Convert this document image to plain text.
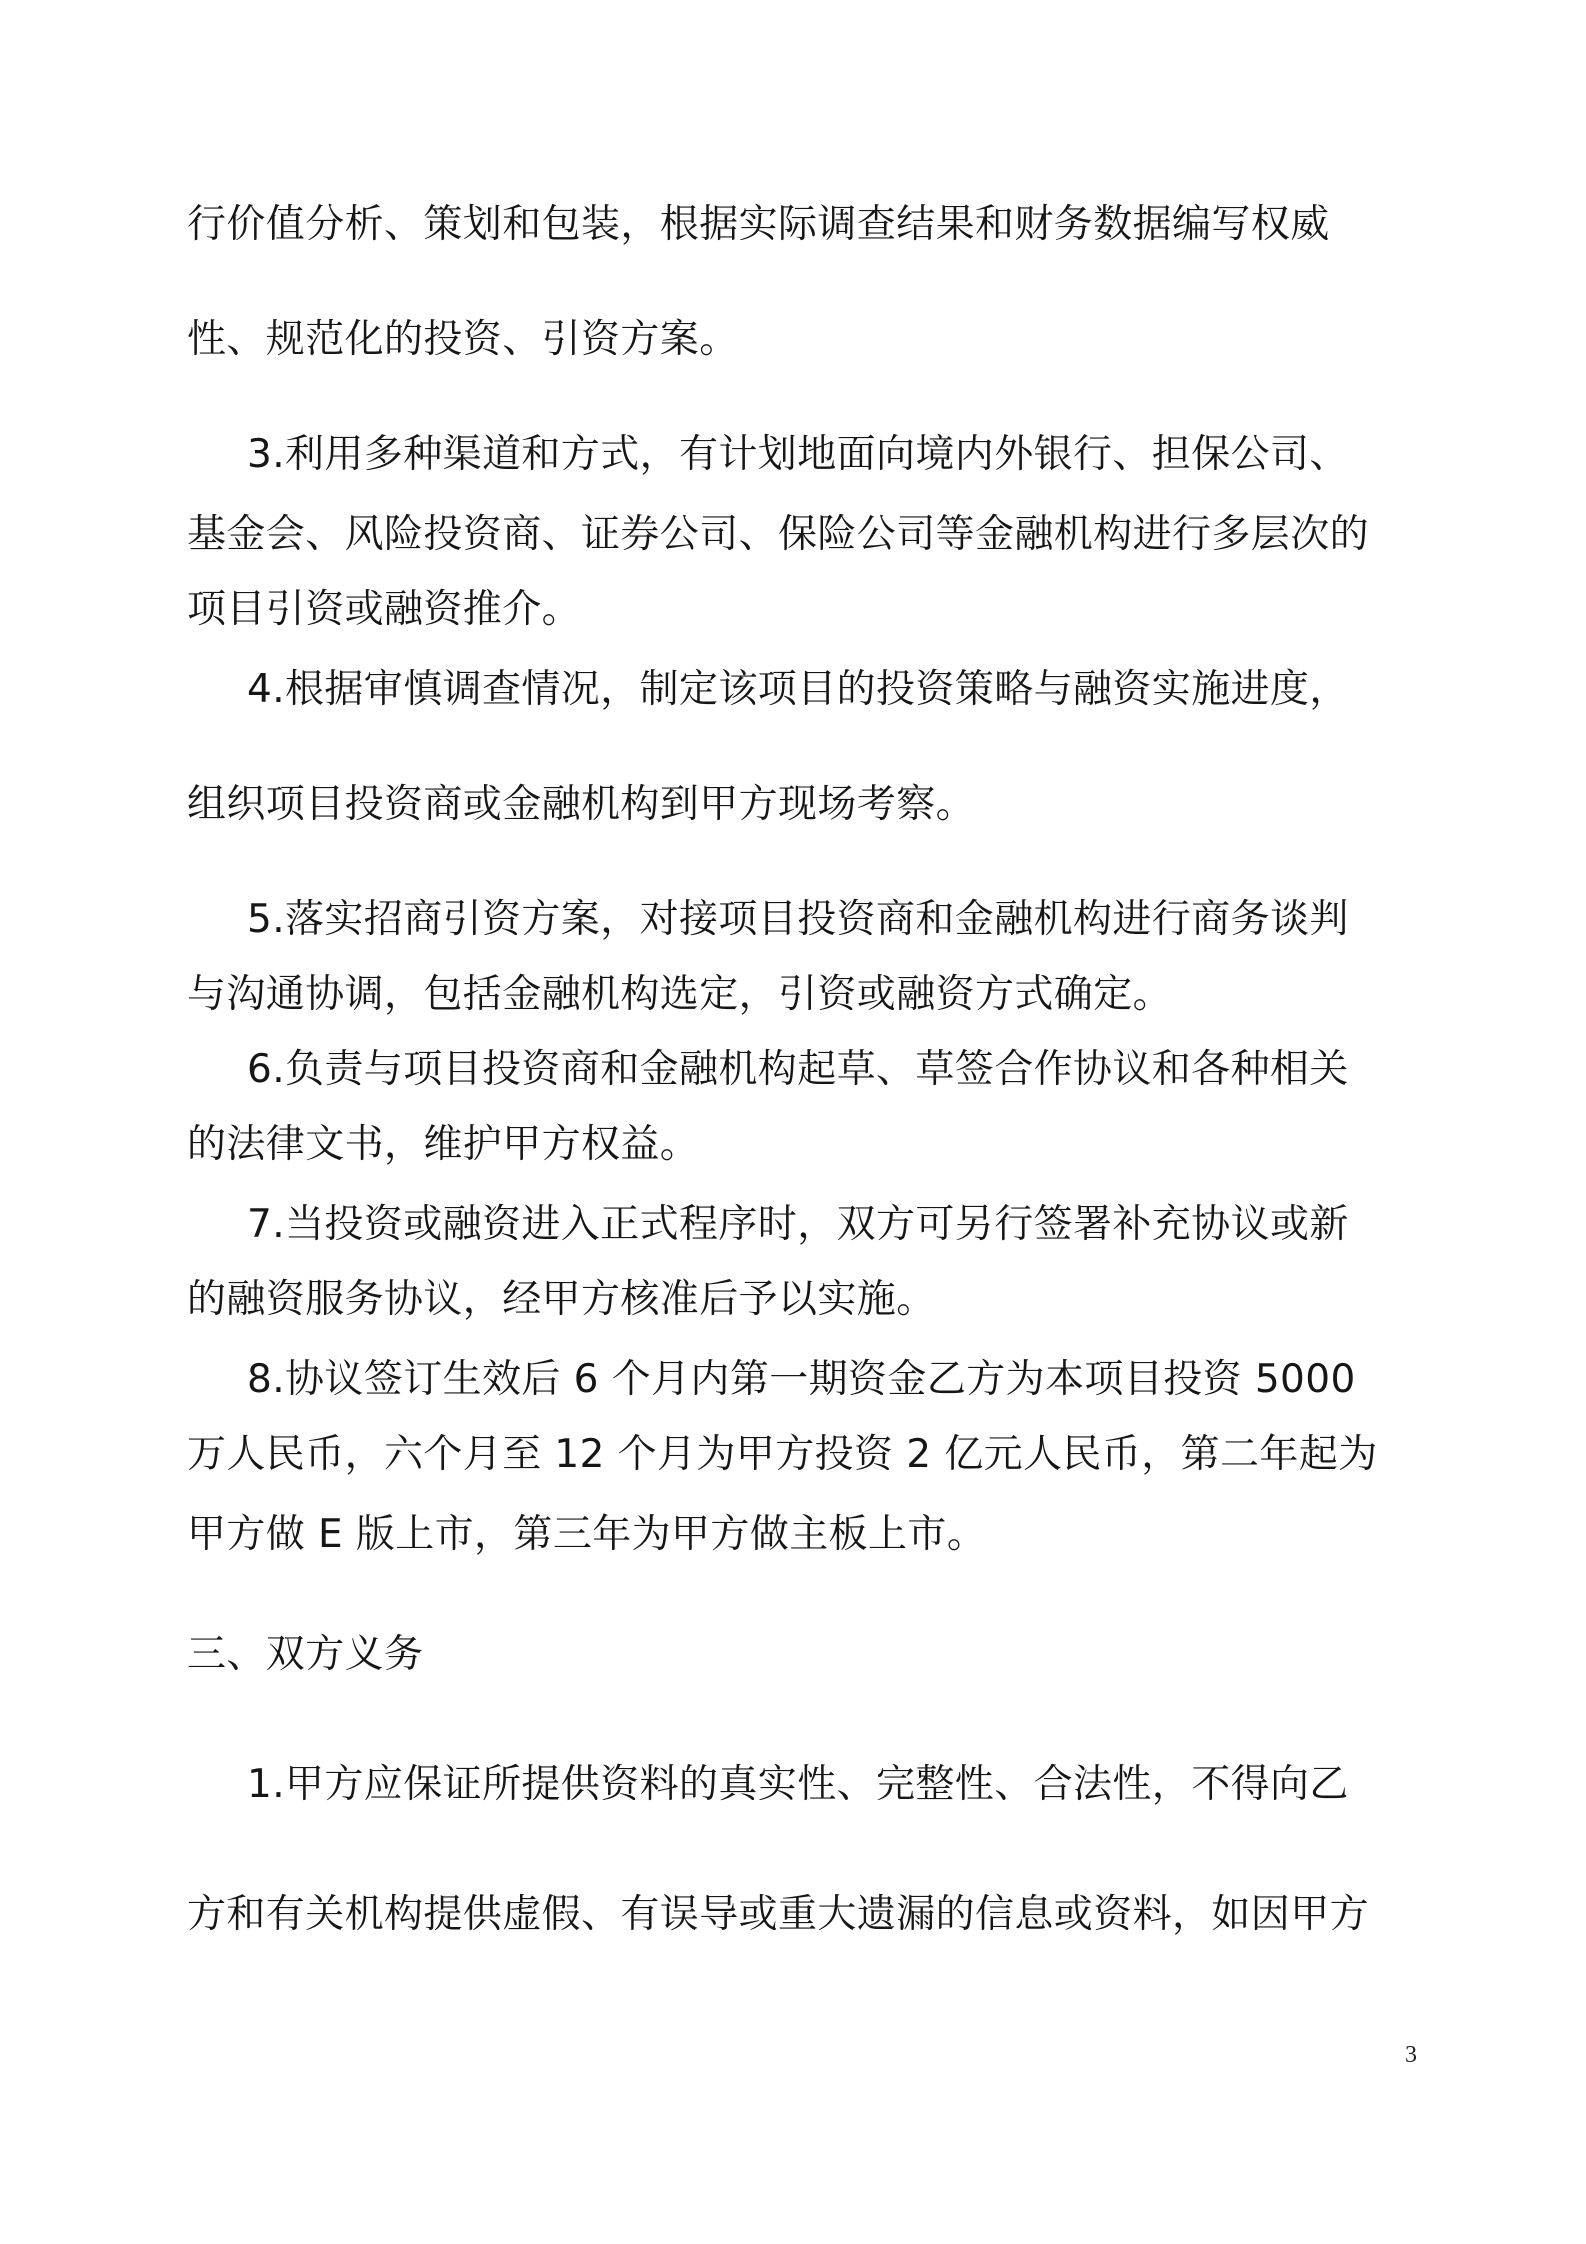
行价值分析、策划和包装，根据实际调查结果和财务数据编写权威
性、规范化的投资、引资方案。
3.利用多种渠道和方式，有计划地面向境内外银行、担保公司、
基金会、风险投资商、证券公司、保险公司等金融机构进行多层次的
项目引资或融资推介。
4.根据审慎调查情况，制定该项目的投资策略与融资实施进度，
组织项目投资商或金融机构到甲方现场考察。
5.落实招商引资方案，对接项目投资商和金融机构进行商务谈判
与沟通协调，包括金融机构选定，引资或融资方式确定。
6.负责与项目投资商和金融机构起草、草签合作协议和各种相关
的法律文书，维护甲方权益。
7.当投资或融资进入正式程序时，双方可另行签署补充协议或新
的融资服务协议，经甲方核准后予以实施。
8.协议签订生效后 6 个月内第一期资金乙方为本项目投资 5000
万人民币，六个月至 12 个月为甲方投资 2 亿元人民币，第二年起为
甲方做 E 版上市，第三年为甲方做主板上市。
三、双方义务
1.甲方应保证所提供资料的真实性、完整性、合法性，不得向乙
方和有关机构提供虚假、有误导或重大遗漏的信息或资料，如因甲方
3
